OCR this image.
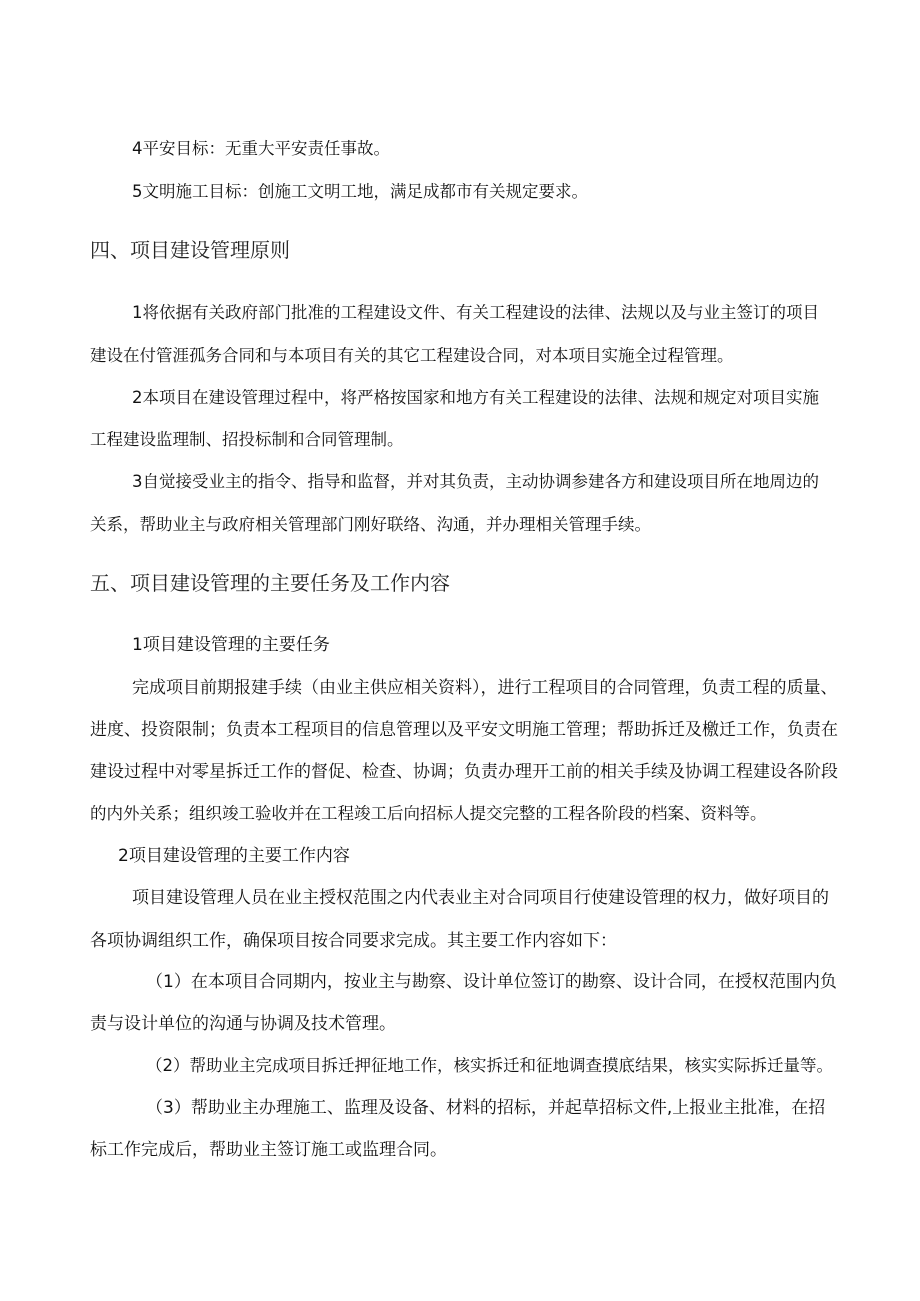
4平安目标：无重大平安责任事故。
5文明施工目标：创施工文明工地，满足成都市有关规定要求。
四、项目建设管理原则
1将依据有关政府部门批准的工程建设文件、有关工程建设的法律、法规以及与业主签订的项目
建设在付管涯孤务合同和与本项目有关的其它工程建设合同，对本项目实施全过程管理。
2本项目在建设管理过程中，将严格按国家和地方有关工程建设的法律、法规和规定对项目实施
工程建设监理制、招投标制和合同管理制。
3自觉接受业主的指令、指导和监督，并对其负责，主动协调参建各方和建设项目所在地周边的
关系，帮助业主与政府相关管理部门刚好联络、沟通，并办理相关管理手续。
五、项目建设管理的主要任务及工作内容
1项目建设管理的主要任务
完成项目前期报建手续（由业主供应相关资料），进行工程项目的合同管理，负责工程的质量、
进度、投资限制；负责本工程项目的信息管理以及平安文明施工管理；帮助拆迁及檄迁工作，负责在
建设过程中对零星拆迁工作的督促、检查、协调；负责办理开工前的相关手续及协调工程建设各阶段
的内外关系；组织竣工验收并在工程竣工后向招标人提交完整的工程各阶段的档案、资料等。
2项目建设管理的主要工作内容
项目建设管理人员在业主授权范围之内代表业主对合同项目行使建设管理的权力，做好项目的
各项协调组织工作，确保项目按合同要求完成。其主要工作内容如下：
（1）在本项目合同期内，按业主与勘察、设计单位签订的勘察、设计合同，在授权范围内负
责与设计单位的沟通与协调及技术管理。
（2）帮助业主完成项目拆迁押征地工作，核实拆迁和征地调查摸底结果，核实实际拆迁量等。
（3）帮助业主办理施工、监理及设备、材料的招标，并起草招标文件,上报业主批准，在招
标工作完成后，帮助业主签订施工或监理合同。
